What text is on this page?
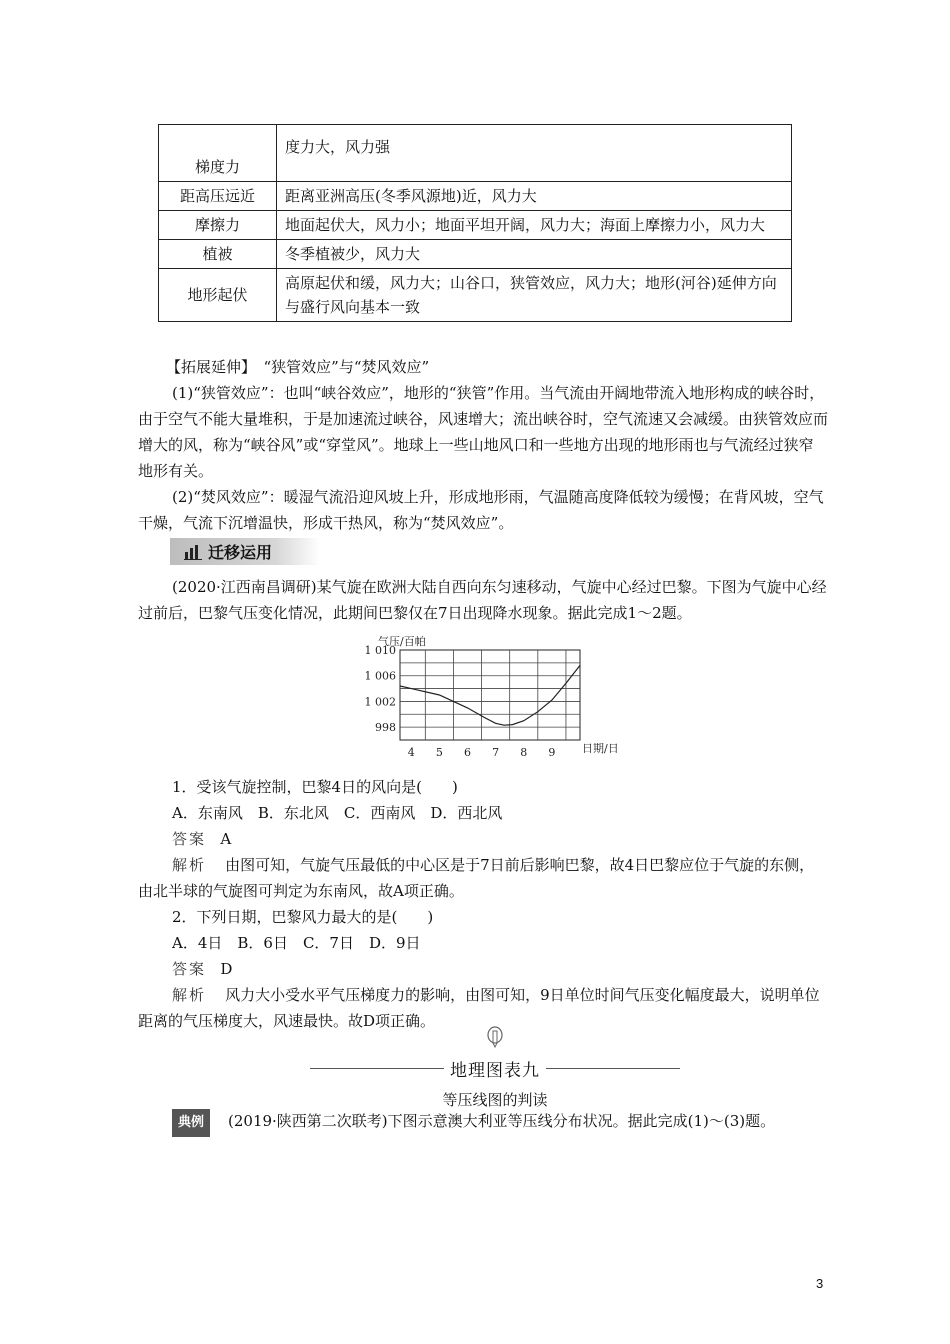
梯度力	度力大，风力强
距高压远近	距离亚洲高压(冬季风源地)近，风力大
摩擦力	地面起伏大，风力小；地面平坦开阔，风力大；海面上摩擦力小，风力大
植被	冬季植被少，风力大
地形起伏	高原起伏和缓，风力大；山谷口，狭管效应，风力大；地形(河谷)延伸方向与盛行风向基本一致

【拓展延伸】　“狭管效应”与“焚风效应”

(1)“狭管效应”：也叫“峡谷效应”，地形的“狭管”作用。当气流由开阔地带流入地形构成的峡谷时，由于空气不能大量堆积，于是加速流过峡谷，风速增大；流出峡谷时，空气流速又会减缓。由狭管效应而增大的风，称为“峡谷风”或“穿堂风”。地球上一些山地风口和一些地方出现的地形雨也与气流经过狭窄地形有关。

(2)“焚风效应”：暖湿气流沿迎风坡上升，形成地形雨，气温随高度降低较为缓慢；在背风坡，空气干燥，气流下沉增温快，形成干热风，称为“焚风效应”。

迁移运用

(2020·江西南昌调研)某气旋在欧洲大陆自西向东匀速移动，气旋中心经过巴黎。下图为气旋中心经过前后，巴黎气压变化情况，此期间巴黎仅在7日出现降水现象。据此完成1～2题。

气压/百帕
1 010
1 006
1 002
998
4 5 6 7 8 9 日期/日

1．受该气旋控制，巴黎4日的风向是(　　)

A．东南风　B．东北风　C．西南风　D．西北风

答案 A

解析 由图可知，气旋气压最低的中心区是于7日前后影响巴黎，故4日巴黎应位于气旋的东侧，由北半球的气旋图可判定为东南风，故A项正确。

2．下列日期，巴黎风力最大的是(　　)

A．4日　B．6日　C．7日　D．9日

答案 D

解析 风力大小受水平气压梯度力的影响，由图可知，9日单位时间气压变化幅度最大，说明单位距离的气压梯度大，风速最快。故D项正确。

地理图表九
等压线图的判读

典例 (2019·陕西第二次联考)下图示意澳大利亚等压线分布状况。据此完成(1)～(3)题。

3
